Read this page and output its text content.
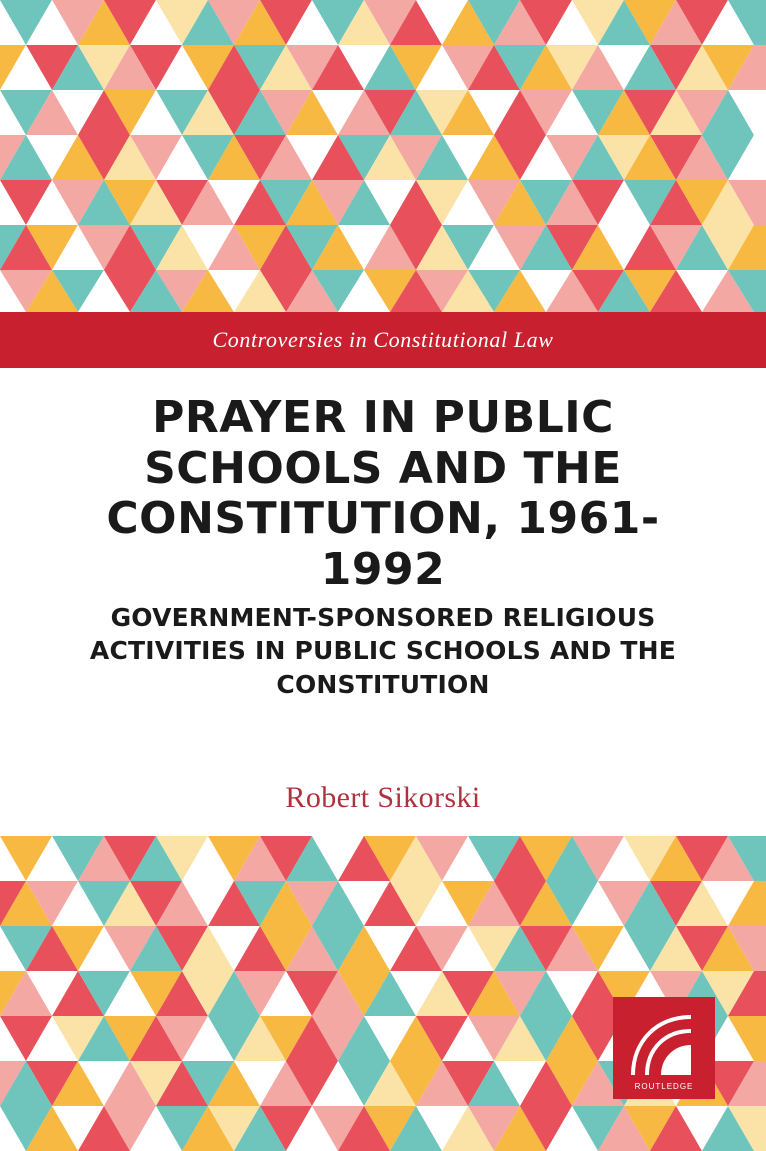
Controversies in Constitutional Law
PRAYER IN PUBLIC SCHOOLS AND THE CONSTITUTION, 1961-1992
GOVERNMENT-SPONSORED RELIGIOUS ACTIVITIES IN PUBLIC SCHOOLS AND THE CONSTITUTION
Robert Sikorski
ROUTLEDGE
